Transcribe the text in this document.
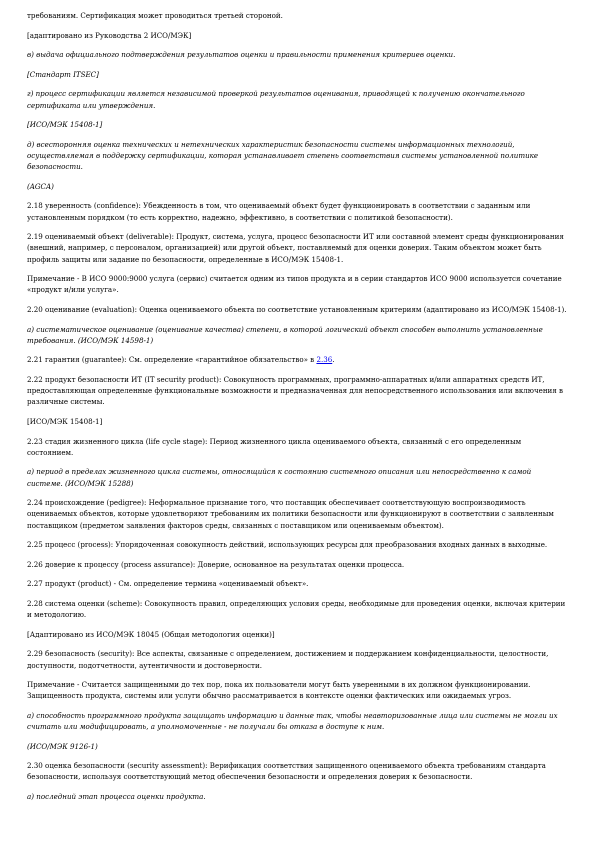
требованиям. Сертификация может проводиться третьей стороной.

[адаптировано из Руководства 2 ИСО/МЭК]

в) выдача официального подтверждения результатов оценки и правильности применения критериев оценки.

[Стандарт ITSEC]

г) процесс сертификации является независимой проверкой результатов оценивания, приводящей к получению окончательного сертификата или утверждения.

[ИСО/МЭК 15408-1]

д) всесторонняя оценка технических и нетехнических характеристик безопасности системы информационных технологий, осуществляемая в поддержку сертификации, которая устанавливает степень соответствия системы установленной политике безопасности.

(AGCA)

2.18 уверенность (confidence): Убежденность в том, что оцениваемый объект будет функционировать в соответствии с заданным или установленным порядком (то есть корректно, надежно, эффективно, в соответствии с политикой безопасности).

2.19 оцениваемый объект (deliverable): Продукт, система, услуга, процесс безопасности ИТ или составной элемент среды функционирования (внешний, например, с персоналом, организацией) или другой объект, поставляемый для оценки доверия. Таким объектом может быть профиль защиты или задание по безопасности, определенные в ИСО/МЭК 15408-1.

Примечание - В ИСО 9000:9000 услуга (сервис) считается одним из типов продукта и в серии стандартов ИСО 9000 используется сочетание «продукт и/или услуга».

2.20 оценивание (evaluation): Оценка оцениваемого объекта по соответствие установленным критериям (адаптировано из ИСО/МЭК 15408-1).

а) систематическое оценивание (оценивание качества) степени, в которой логический объект способен выполнить установленные требования. (ИСО/МЭК 14598-1)

2.21 гарантия (guarantee): См. определение «гарантийное обязательство» в 2.36.

2.22 продукт безопасности ИТ (IT security product): Совокупность программных, программно-аппаратных и/или аппаратных средств ИТ, предоставляющая определенные функциональные возможности и предназначенная для непосредственного использования или включения в различные системы.

[ИСО/МЭК 15408-1]

2.23 стадия жизненного цикла (life cycle stage): Период жизненного цикла оцениваемого объекта, связанный с его определенным состоянием.

а) период в пределах жизненного цикла системы, относящийся к состоянию системного описания или непосредственно к самой системе. (ИСО/МЭК 15288)

2.24 происхождение (pedigree): Неформальное признание того, что поставщик обеспечивает соответствующую воспроизводимость оцениваемых объектов, которые удовлетворяют требованиям их политики безопасности или функционируют в соответствии с заявленным поставщиком (предметом заявления факторов среды, связанных с поставщиком или оцениваемым объектом).

2.25 процесс (process): Упорядоченная совокупность действий, использующих ресурсы для преобразования входных данных в выходные.

2.26 доверие к процессу (process assurance): Доверие, основанное на результатах оценки процесса.

2.27 продукт (product) - См. определение термина «оцениваемый объект».

2.28 система оценки (scheme): Совокупность правил, определяющих условия среды, необходимые для проведения оценки, включая критерии и методологию.

[Адаптировано из ИСО/МЭК 18045 (Общая методология оценки)]

2.29 безопасность (security): Все аспекты, связанные с определением, достижением и поддержанием конфиденциальности, целостности, доступности, подотчетности, аутентичности и достоверности.

Примечание - Считается защищенными до тех пор, пока их пользователи могут быть уверенными в их должном функционировании. Защищенность продукта, системы или услуги обычно рассматривается в контексте оценки фактических или ожидаемых угроз.

а) способность программного продукта защищать информацию и данные так, чтобы неавторизованные лица или системы не могли их считать или модифицировать, а уполномоченные - не получали бы отказа в доступе к ним.

(ИСО/МЭК 9126-1)

2.30 оценка безопасности (security assessment): Верификация соответствия защищенного оцениваемого объекта требованиям стандарта безопасности, используя соответствующий метод обеспечения безопасности и определения доверия к безопасности.

а) последний этап процесса оценки продукта.
